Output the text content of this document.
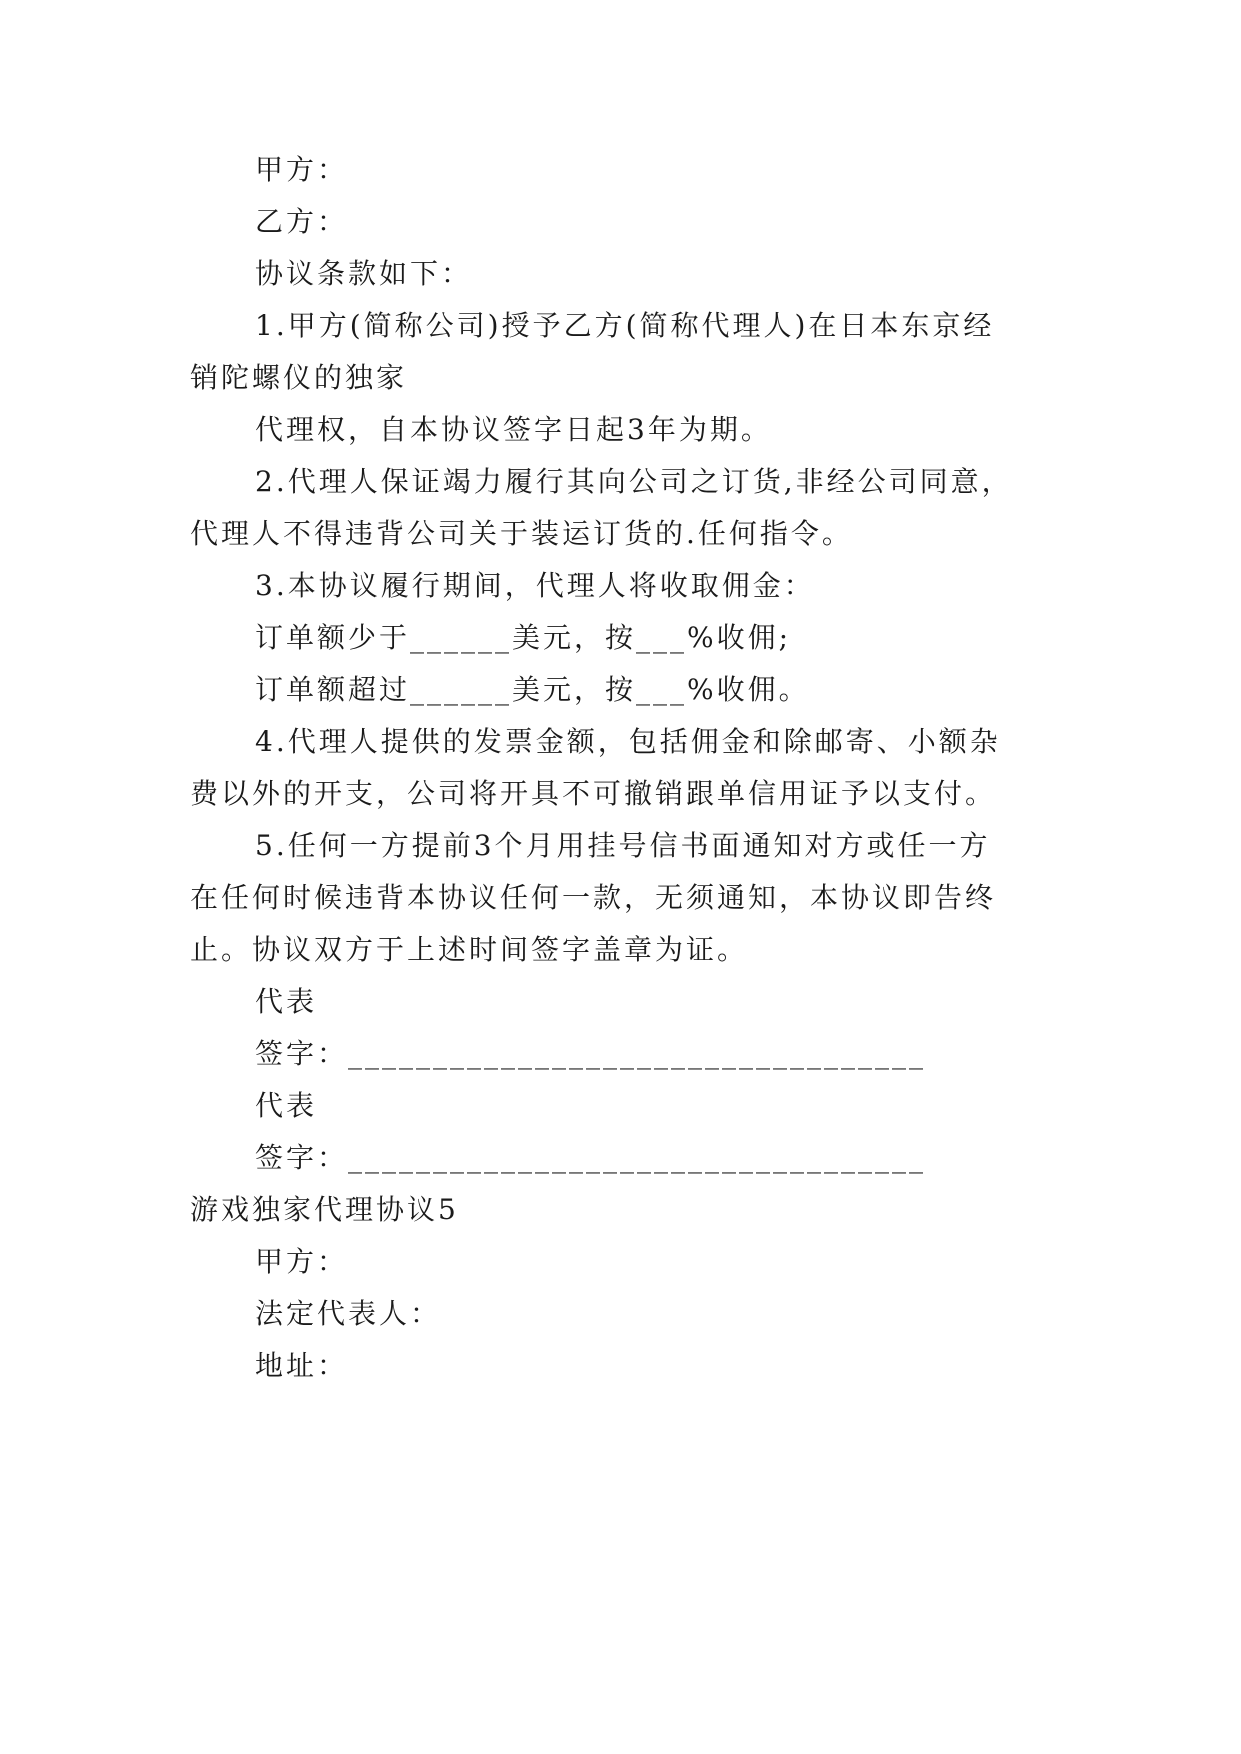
甲方：
乙方：
协议条款如下：
1.甲方(简称公司)授予乙方(简称代理人)在日本东京经
销陀螺仪的独家
代理权，自本协议签字日起3年为期。
2.代理人保证竭力履行其向公司之订货,非经公司同意，
代理人不得违背公司关于装运订货的.任何指令。
3.本协议履行期间，代理人将收取佣金：
订单额少于______美元，按___%收佣;
订单额超过______美元，按___%收佣。
4.代理人提供的发票金额，包括佣金和除邮寄、小额杂
费以外的开支，公司将开具不可撤销跟单信用证予以支付。
5.任何一方提前3个月用挂号信书面通知对方或任一方
在任何时候违背本协议任何一款，无须通知，本协议即告终
止。协议双方于上述时间签字盖章为证。
代表
签字：__________________________________
代表
签字：__________________________________
游戏独家代理协议5
甲方：
法定代表人：
地址：
